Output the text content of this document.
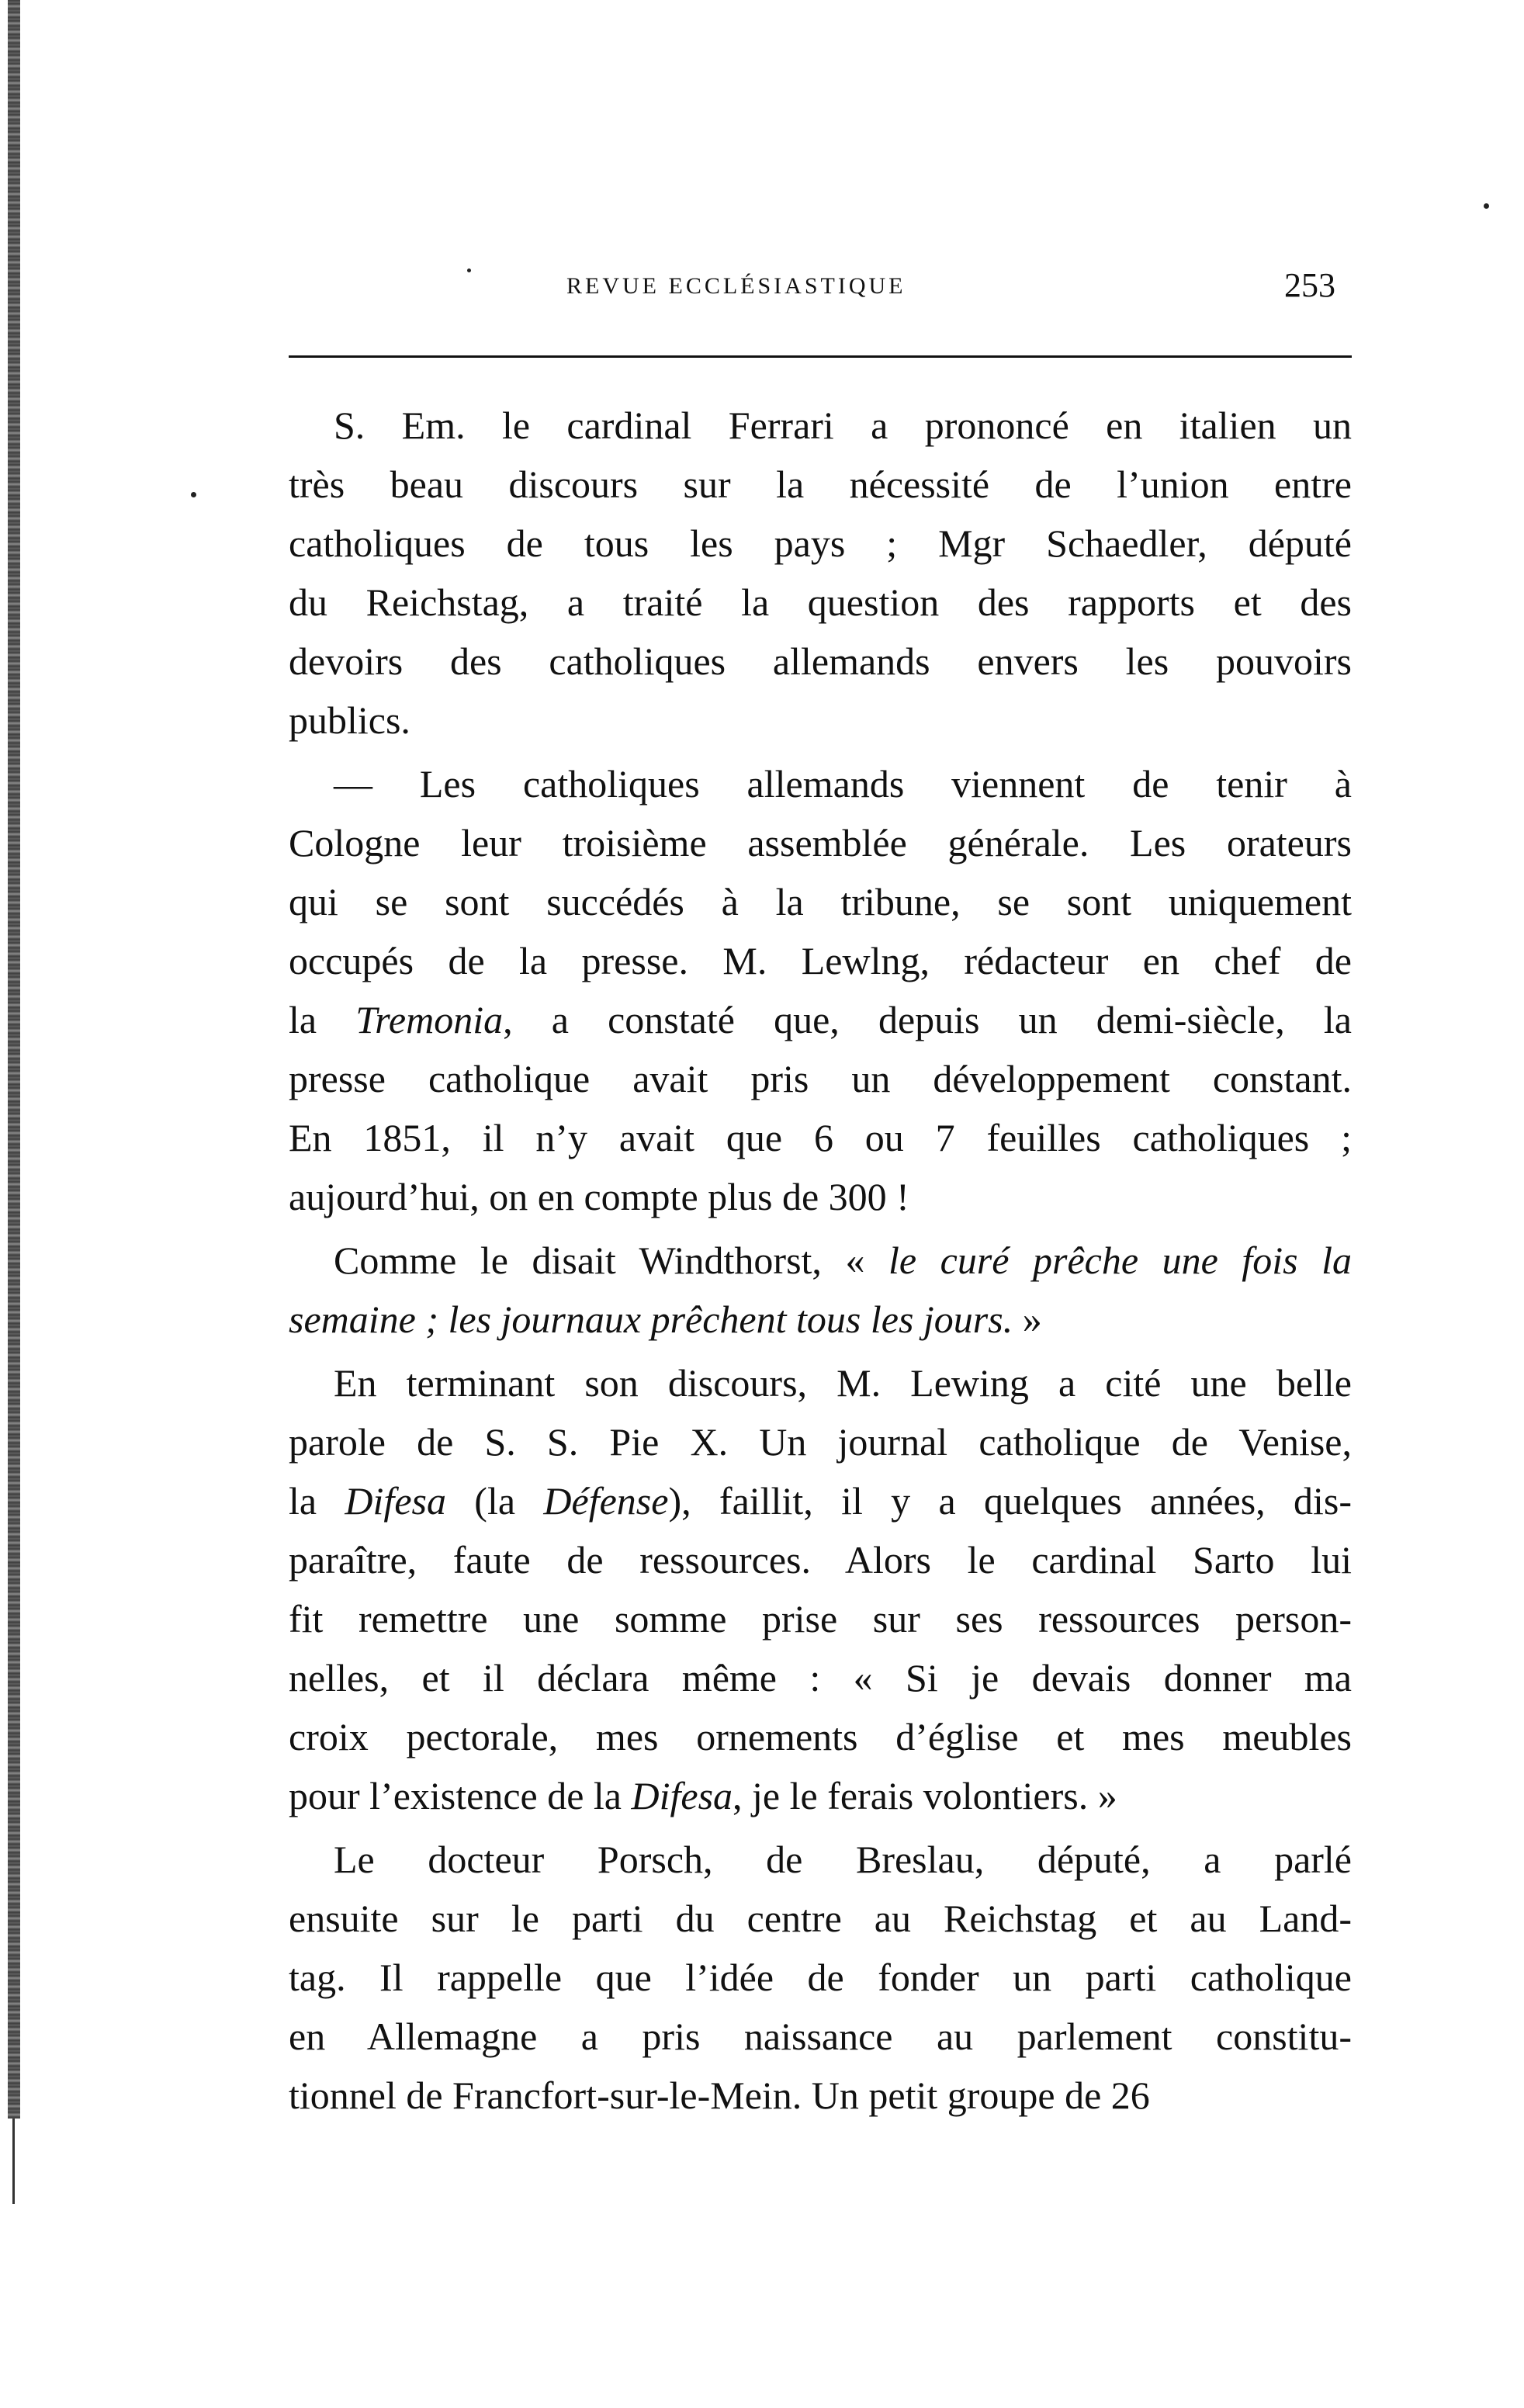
REVUE ECCLÉSIASTIQUE	253
S. Em. le cardinal Ferrari a prononcé en italien un
très beau discours sur la nécessité de l’union entre
catholiques de tous les pays ; Mgr Schaedler, député
du Reichstag, a traité la question des rapports et des
devoirs des catholiques allemands envers les pouvoirs
publics.
— Les catholiques allemands viennent de tenir à
Cologne leur troisième assemblée générale. Les orateurs
qui se sont succédés à la tribune, se sont uniquement
occupés de la presse. M. Lewlng, rédacteur en chef de
la Tremonia, a constaté que, depuis un demi-siècle, la
presse catholique avait pris un développement constant.
En 1851, il n’y avait que 6 ou 7 feuilles catholiques ;
aujourd’hui, on en compte plus de 300 !
Comme le disait Windthorst, « le curé prêche une fois la
semaine ; les journaux prêchent tous les jours. »
En terminant son discours, M. Lewing a cité une belle
parole de S. S. Pie X. Un journal catholique de Venise,
la Difesa (la Défense), faillit, il y a quelques années, dis-
paraître, faute de ressources. Alors le cardinal Sarto lui
fit remettre une somme prise sur ses ressources person-
nelles, et il déclara même : « Si je devais donner ma
croix pectorale, mes ornements d’église et mes meubles
pour l’existence de la Difesa, je le ferais volontiers. »
Le docteur Porsch, de Breslau, député, a parlé
ensuite sur le parti du centre au Reichstag et au Land-
tag. Il rappelle que l’idée de fonder un parti catholique
en Allemagne a pris naissance au parlement constitu-
tionnel de Francfort-sur-le-Mein. Un petit groupe de 26
